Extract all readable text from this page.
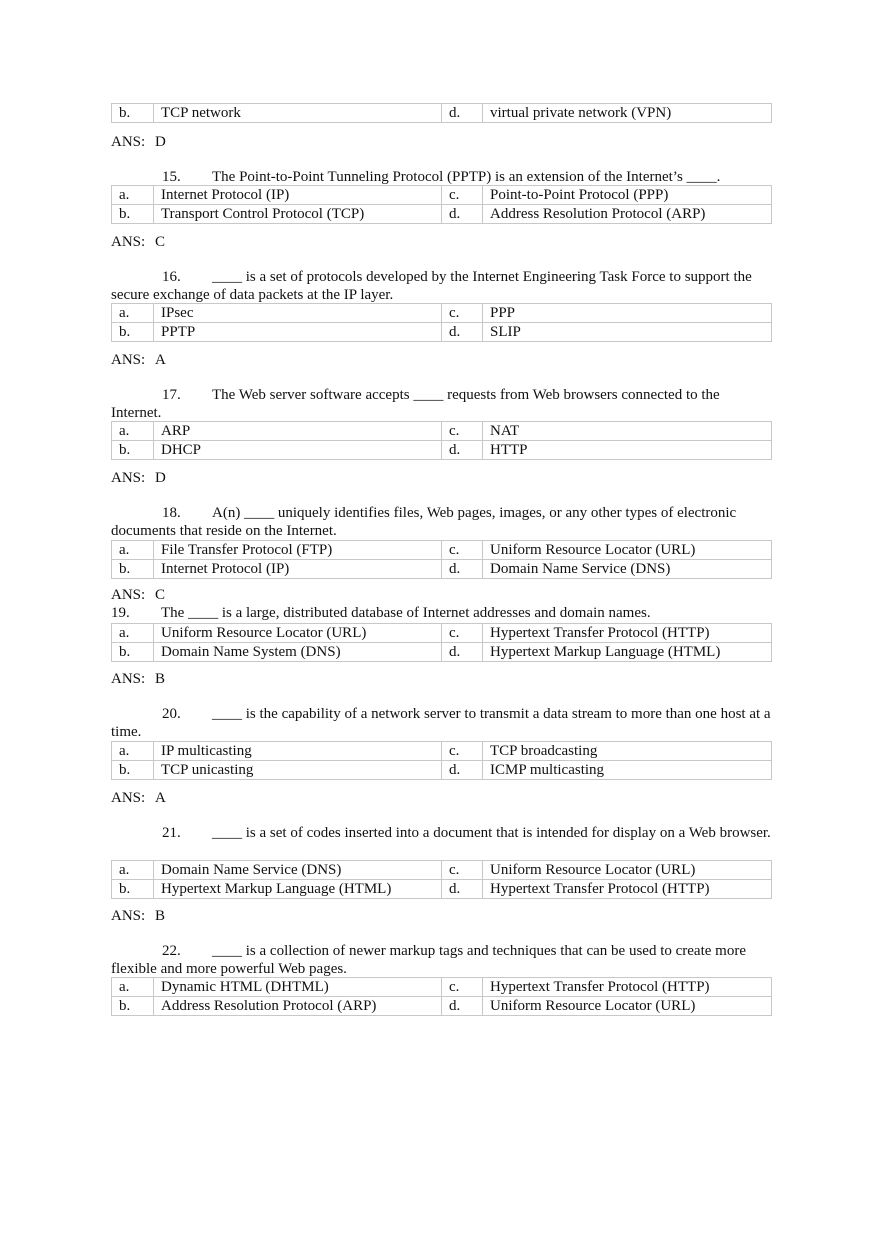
b.	TCP network	d.	virtual private network (VPN)
ANS: D
15. The Point-to-Point Tunneling Protocol (PPTP) is an extension of the Internet’s ____.
a.	Internet Protocol (IP)	c.	Point-to-Point Protocol (PPP)
b.	Transport Control Protocol (TCP)	d.	Address Resolution Protocol (ARP)
ANS: C
16. ____ is a set of protocols developed by the Internet Engineering Task Force to support the secure exchange of data packets at the IP layer.
a.	IPsec	c.	PPP
b.	PPTP	d.	SLIP
ANS: A
17. The Web server software accepts ____ requests from Web browsers connected to the Internet.
a.	ARP	c.	NAT
b.	DHCP	d.	HTTP
ANS: D
18. A(n) ____ uniquely identifies files, Web pages, images, or any other types of electronic documents that reside on the Internet.
a.	File Transfer Protocol (FTP)	c.	Uniform Resource Locator (URL)
b.	Internet Protocol (IP)	d.	Domain Name Service (DNS)
ANS: C
19. The ____ is a large, distributed database of Internet addresses and domain names.
a.	Uniform Resource Locator (URL)	c.	Hypertext Transfer Protocol (HTTP)
b.	Domain Name System (DNS)	d.	Hypertext Markup Language (HTML)
ANS: B
20. ____ is the capability of a network server to transmit a data stream to more than one host at a time.
a.	IP multicasting	c.	TCP broadcasting
b.	TCP unicasting	d.	ICMP multicasting
ANS: A
21. ____ is a set of codes inserted into a document that is intended for display on a Web browser.
a.	Domain Name Service (DNS)	c.	Uniform Resource Locator (URL)
b.	Hypertext Markup Language (HTML)	d.	Hypertext Transfer Protocol (HTTP)
ANS: B
22. ____ is a collection of newer markup tags and techniques that can be used to create more flexible and more powerful Web pages.
a.	Dynamic HTML (DHTML)	c.	Hypertext Transfer Protocol (HTTP)
b.	Address Resolution Protocol (ARP)	d.	Uniform Resource Locator (URL)
